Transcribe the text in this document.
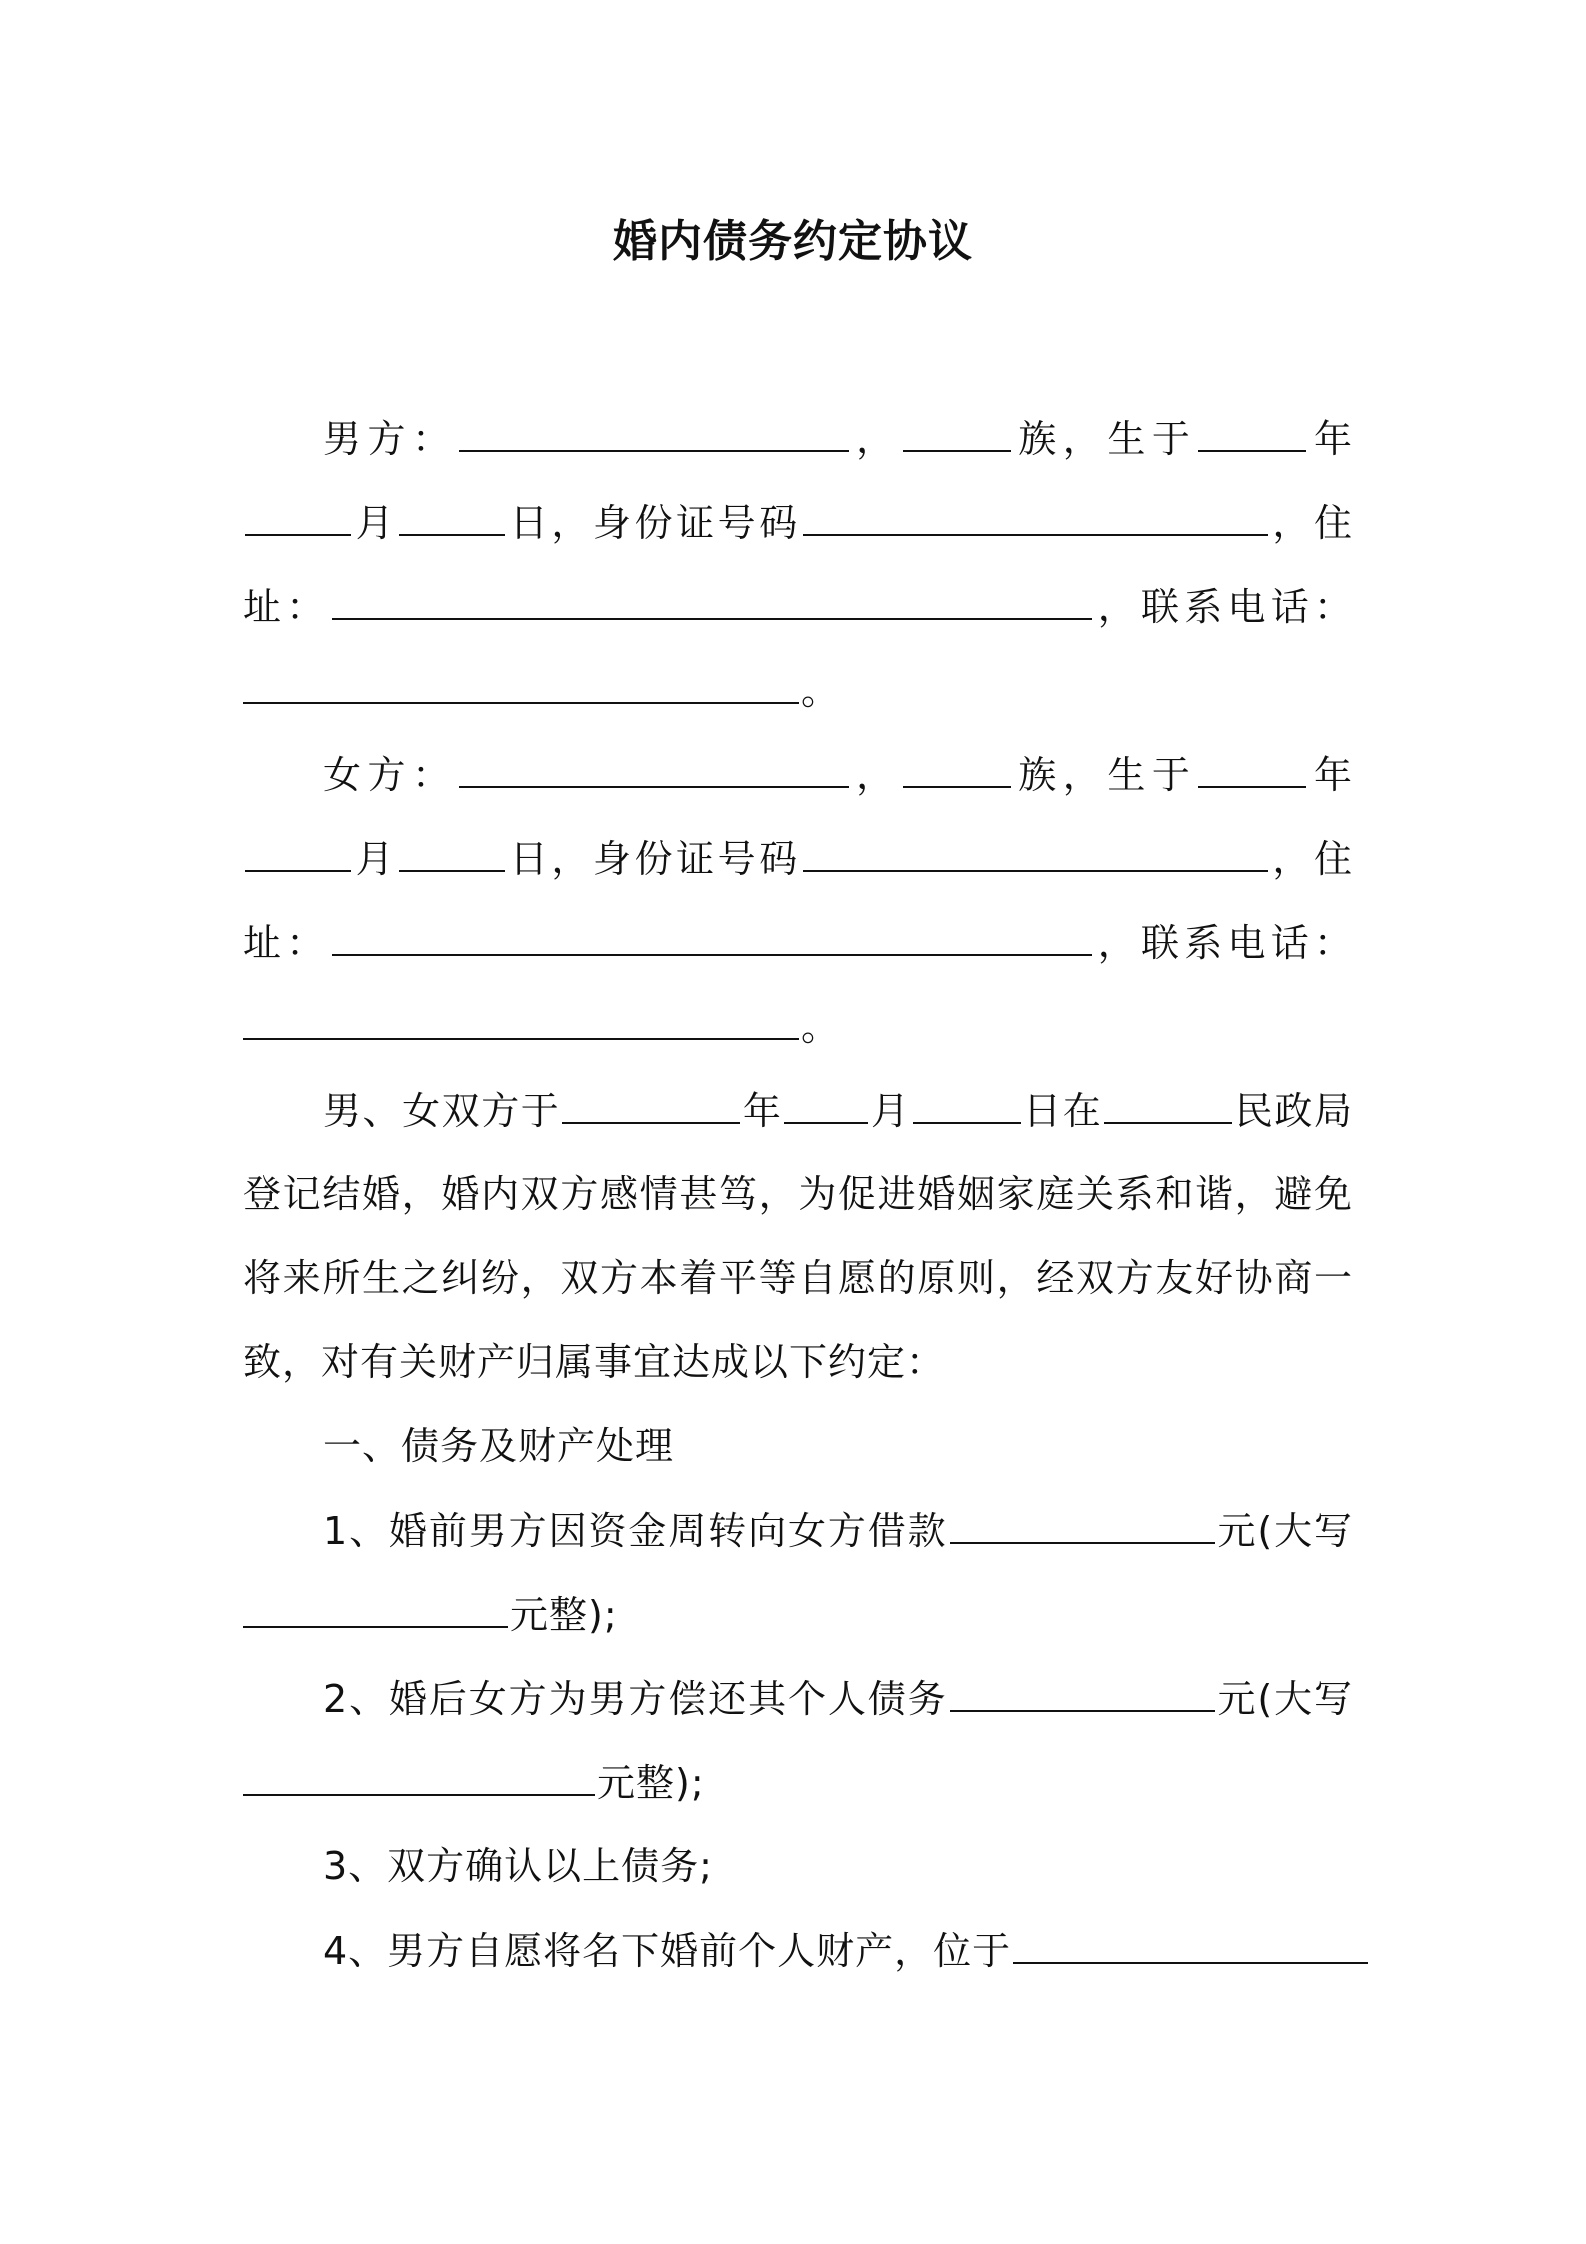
婚内债务约定协议
男方：	，	族，生于	年
月	日，身份证号码	，住
址：	，联系电话：
。
女方：	，	族，生于	年
月	日，身份证号码	，住
址：	，联系电话：
。
男、女双方于	年 月	日在	民政局
登记结婚，婚内双方感情甚笃，为促进婚姻家庭关系和谐，避免
将来所生之纠纷，双方本着平等自愿的原则，经双方友好协商一
致，对有关财产归属事宜达成以下约定：
一、债务及财产处理
1、婚前男方因资金周转向女方借款	元(大写
元整);
2、婚后女方为男方偿还其个人债务	元(大写
元整);
3、双方确认以上债务;
4、男方自愿将名下婚前个人财产，位于
